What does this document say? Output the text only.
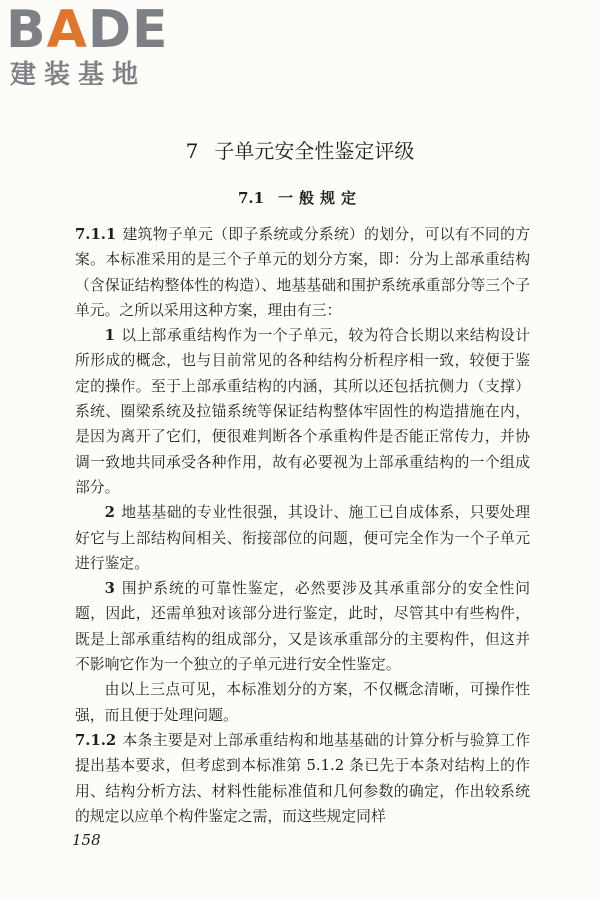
BADE
建装基地
7 子单元安全性鉴定评级
7.1 一般规定

7.1.1 建筑物子单元（即子系统或分系统）的划分，可以有不同的方案。本标准采用的是三个子单元的划分方案，即：分为上部承重结构（含保证结构整体性的构造）、地基基础和围护系统承重部分等三个子单元。之所以采用这种方案，理由有三：

1 以上部承重结构作为一个子单元，较为符合长期以来结构设计所形成的概念，也与目前常见的各种结构分析程序相一致，较便于鉴定的操作。至于上部承重结构的内涵，其所以还包括抗侧力（支撑）系统、圈梁系统及拉锚系统等保证结构整体牢固性的构造措施在内，是因为离开了它们，便很难判断各个承重构件是否能正常传力，并协调一致地共同承受各种作用，故有必要视为上部承重结构的一个组成部分。

2 地基基础的专业性很强，其设计、施工已自成体系，只要处理好它与上部结构间相关、衔接部位的问题，便可完全作为一个子单元进行鉴定。

3 围护系统的可靠性鉴定，必然要涉及其承重部分的安全性问题，因此，还需单独对该部分进行鉴定，此时，尽管其中有些构件，既是上部承重结构的组成部分，又是该承重部分的主要构件，但这并不影响它作为一个独立的子单元进行安全性鉴定。

由以上三点可见，本标准划分的方案，不仅概念清晰，可操作性强，而且便于处理问题。

7.1.2 本条主要是对上部承重结构和地基基础的计算分析与验算工作提出基本要求，但考虑到本标准第 5.1.2 条已先于本条对结构上的作用、结构分析方法、材料性能标准值和几何参数的确定，作出较系统的规定以应单个构件鉴定之需，而这些规定同样

158
